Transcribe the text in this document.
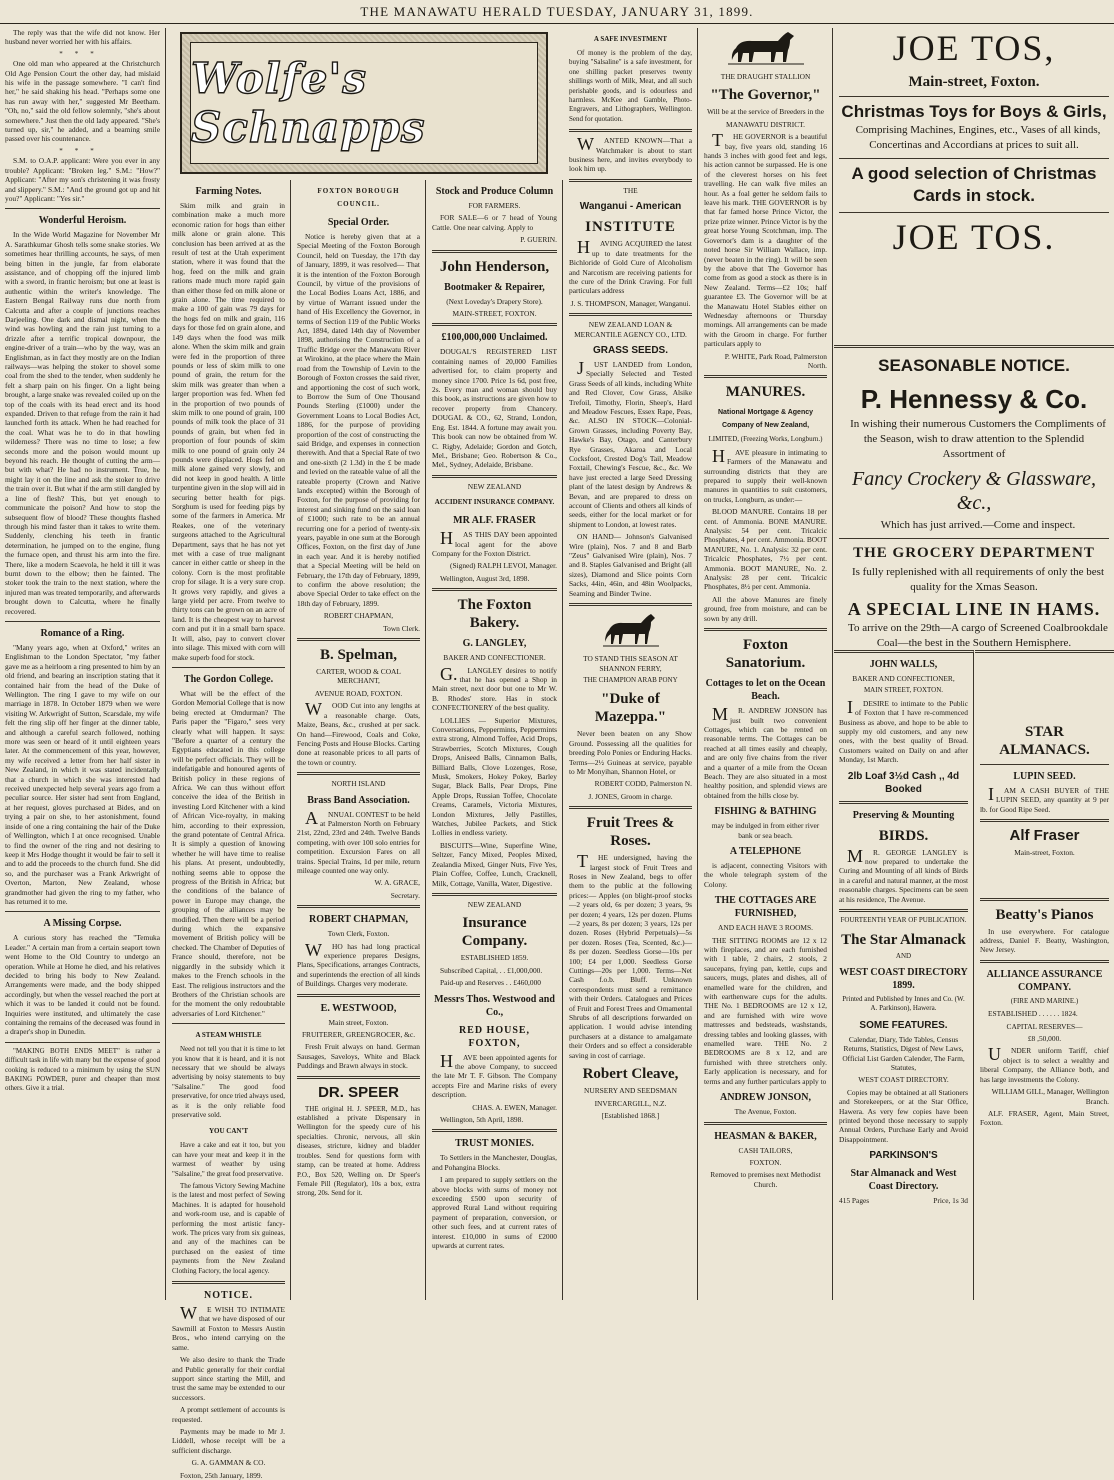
THE MANAWATU HERALD TUESDAY, JANUARY 31, 1899.

The reply was that the wife did not know. Her husband never worried her with his affairs.

***

One old man who appeared at the Christchurch Old Age Pension Court the other day, had mislaid his wife in the passage somewhere. "I can't find her," he said shaking his head. "Perhaps some one has run away with her," suggested Mr Beetham. "Oh, no," said the old fellow solemnly, "she's about somewhere." Just then the old lady appeared. "She's turned up, sir," he added, and a beaming smile passed over his countenance.

***

S.M. to O.A.P. applicant: Were you ever in any trouble? Applicant: "Broken leg." S.M.: "How?" Applicant: "After my son's christening it was frosty and slippery." S.M.: "And the ground got up and hit you?" Applicant: "Yes sir."

Wonderful Heroism.

In the Wide World Magazine for November Mr A. Sarathkumar Ghosh tells some snake stories. We sometimes hear thrilling accounts, he says, of men being bitten in the jungle, far from elaborate assistance, and of chopping off the injured limb with a sword, in frantic heroism; but one at least is authentic within the writer's knowledge. The Eastern Bengal Railway runs due north from Calcutta and after a couple of junctions reaches Darjeeling. One dark and dismal night, when the wind was howling and the rain just turning to a drizzle after a terrific tropical downpour, the engine-driver of a train—who by the way, was an Englishman, as in fact they mostly are on the Indian railways—was helping the stoker to shovel some coal from the shed to the tender, when suddenly he felt a sharp pain on his finger. On a light being brought, a large snake was revealed coiled up on the top of the coals with its head erect and its hood expanded. Driven to that refuge from the rain it had launched forth its attack. When he had reached for the coal. What was he to do in that howling wilderness? There was no time to lose; a few seconds more and the poison would mount up beyond his reach. He thought of cutting the arm—but with what? He had no instrument. True, he might lay it on the line and ask the stoker to drive the train over it. But what if the arm still dangled by a line of flesh? This, but yet enough to communicate the poison? And how to stop the subsequent flow of blood? These thoughts flashed through his mind faster than it takes to write them. Suddenly, clenching his teeth in frantic determination, he jumped on to the engine, flung the furnace open, and thrust his arm into the fire. There, like a modern Scaevola, he held it till it was burnt down to the elbow; then he fainted. The stoker took the train to the next station, where the injured man was treated temporarily, and afterwards brought down to Calcutta, where he finally recovered.

Romance of a Ring.

"Many years ago, when at Oxford," writes an Englishman to the London Spectator, "my father gave me as a heirloom a ring presented to him by an old friend, and bearing an inscription stating that it contained hair from the head of the Duke of Wellington. The ring I gave to my wife on our marriage in 1878. In October 1879 when we were visiting W. Arkwright of Sutton, Scarsdale, my wife felt the ring slip off her finger at the dinner table, and although a careful search followed, nothing more was seen or heard of it until eighteen years later. At the commencement of this year, however, my wife received a letter from her half sister in New Zealand, in which it was stated incidentally that a church in which she was interested had received unexpected help several years ago from a peculiar source. Her sister had sent from England, at her request, gloves purchased at Bides, and on trying a pair on she, to her astonishment, found inside of one a ring containing the hair of the Duke of Wellington, which I at once recognised. Unable to find the owner of the ring and not desiring to keep it Mrs Hodge thought it would be fair to sell it and to add the proceeds to the church fund. She did so, and the purchaser was a Frank Arkwright of Overton, Marton, New Zealand, whose grandmother had given the ring to my father, who has returned it to me.

A Missing Corpse.

A curious story has reached the "Temuka Leader." A certain man from a certain seaport town went Home to the Old Country to undergo an operation. While at Home he died, and his relatives decided to bring his body to New Zealand. Arrangements were made, and the body shipped accordingly, but when the vessel reached the port at which it was to be landed it could not be found. Inquiries were instituted, and ultimately the case containing the remains of the deceased was found in a draper's shop in Dunedin.

"MAKING BOTH ENDS MEET" is rather a difficult task in life with many but the expense of good cooking is reduced to a minimum by using the SUN BAKING POWDER, purer and cheaper than most others. Give it a trial.

Wolfe's Schnapps
Farming Notes.

Skim milk and grain in combination make a much more economic ration for hogs than either milk alone or grain alone. This conclusion has been arrived at as the result of test at the Utah experiment station, where it was found that the hog, feed on the milk and grain rations made much more rapid gain than either those fed on milk alone or grain alone. The time required to make a 100 of gain was 79 days for the hogs fed on milk and grain, 116 days for those fed on grain alone, and 149 days when the food was milk alone. When the skim milk and grain were fed in the proportion of three pounds or less of skim milk to one pound of grain, the return for the skim milk was greater than when a larger proportion was fed. When fed in the proportion of two pounds of skim milk to one pound of grain, 100 pounds of milk took the place of 31 pounds of grain, but when fed in proportion of four pounds of skim milk to one pound of grain only 24 pounds were displaced. Hogs fed on milk alone gained very slowly, and did not keep in good health. A little turpentine given in the slop will aid in securing better health for pigs. Sorghum is used for feeding pigs by some of the farmers in America. Mr Reakes, one of the veterinary surgeons attached to the Agricultural Department, says that he has not yet met with a case of true malignant cancer in either cattle or sheep in the colony. Corn is the most profitable crop for silage. It is a very sure crop. It grows very rapidly, and gives a large yield per acre. From twelve to thirty tons can be grown on an acre of land. It is the cheapest way to harvest corn and put it in a small barn space. It will, also, pay to convert clover into silage. This mixed with corn will make superb food for stock.

The Gordon College.

What will be the effect of the Gordon Memorial College that is now being erected at Omdurman? The Paris paper the "Figaro," sees very clearly what will happen. It says: "Before a quarter of a century the Egyptians educated in this college will be perfect officials. They will be indefatigable and honoured agents of British policy in these regions of Africa. We can thus without effort conceive the idea of the British in investing Lord Kitchener with a kind of African Vice-royalty, in making him, according to their expression, the grand potentate of Central Africa. It is simply a question of knowing whether he will have time to realise his plans. At present, undoubtedly, nothing seems able to oppose the progress of the British in Africa; but the conditions of the balance of power in Europe may change, the grouping of the alliances may be modified. Then there will be a period during which the expansive movement of British policy will be checked. The Chamber of Deputies of France should, therefore, not be niggardly in the subsidy which it makes to the French schools in the East. The religious instructors and the Brothers of the Christian schools are for the moment the only redoubtable adversaries of Lord Kitchener."

A STEAM WHISTLE

Need not tell you that it is time to let you know that it is heard, and it is not necessary that we should be always advertising by noisy statements to buy "Salsaline." The good food preservative, for once tried always used, as it is the only reliable food preservative sold.

YOU CAN'T

Have a cake and eat it too, but you can have your meat and keep it in the warmest of weather by using "Salsaline," the great food preservative.

The famous Victory Sewing Machine is the latest and most perfect of Sewing Machines. It is adapted for household and work-room use, and is capable of performing the most artistic fancy-work. The prices vary from six guineas, and any of the machines can be purchased on the easiest of time payments from the New Zealand Clothing Factory, the local agency.

NOTICE.

WE WISH TO INTIMATE that we have disposed of our Sawmill at Foxton to Messrs Austin Bros., who intend carrying on the same.

We also desire to thank the Trade and Public generally for their cordial support since starting the Mill, and trust the same may be extended to our successors.

A prompt settlement of accounts is requested.

Payments may be made to Mr J. Liddell, whose receipt will be a sufficient discharge.

G. A. GAMMAN & CO.

Foxton, 25th January, 1899.

FOXTON BOROUGH COUNCIL.
Special Order.

Notice is hereby given that at a Special Meeting of the Foxton Borough Council, held on Tuesday, the 17th day of January, 1899, it was resolved— That it is the intention of the Foxton Borough Council, by virtue of the provisions of the Local Bodies Loans Act, 1886, and by virtue of Warrant issued under the hand of His Excellency the Governor, in terms of Section 119 of the Public Works Act, 1894, dated 14th day of November 1898, authorising the Construction of a Traffic Bridge over the Manawatu River at Wirokino, at the place where the Main road from the Township of Levin to the Borough of Foxton crosses the said river, and apportioning the cost of such work, to Borrow the Sum of One Thousand Pounds Sterling (£1000) under the Government Loans to Local Bodies Act, 1886, for the purpose of providing proportion of the cost of constructing the said Bridge, and expenses in connection therewith. And that a Special Rate of two and one-sixth (2 1.3d) in the £ be made and levied on the rateable value of all the rateable property (Crown and Native lands excepted) within the Borough of Foxton, for the purpose of providing for interest and sinking fund on the said loan of £1000; such rate to be an annual recurring one for a period of twenty-six years, payable in one sum at the Borough Offices, Foxton, on the first day of June in each year. And it is hereby notified that a Special Meeting will be held on February, the 17th day of February, 1899, to confirm the above resolution; the above Special Order to take effect on the 18th day of February, 1899.

ROBERT CHAPMAN,

Town Clerk.

B. Spelman,

CARTER, WOOD & COAL MERCHANT,

AVENUE ROAD, FOXTON.

WOOD Cut into any lengths at a reasonable charge. Oats, Maize, Beans, &c., crushed at per sack. On hand—Firewood, Coals and Coke, Fencing Posts and House Blocks. Carting done at reasonable prices to all parts of the town or country.

NORTH ISLAND

Brass Band Association.

ANNUAL CONTEST to be held at Palmerston North on February 21st, 22nd, 23rd and 24th. Twelve Bands competing, with over 100 solo entries for competition. Excursion Fares on all trains. Special Trains, 1d per mile, return mileage counted one way only.

W. A. GRACE,

Secretary.

ROBERT CHAPMAN,

Town Clerk, Foxton.

WHO has had long practical experience prepares Designs, Plans, Specifications, arranges Contracts, and superintends the erection of all kinds of Buildings. Charges very moderate.

E. WESTWOOD,

Main street, Foxton.

FRUITERER, GREENGROCER, &c.

Fresh Fruit always on hand. German Sausages, Saveloys, White and Black Puddings and Brawn always in stock.

DR. SPEER

THE original H. J. SPEER, M.D., has established a private Dispensary in Wellington for the speedy cure of his specialties. Chronic, nervous, all skin diseases, stricture, kidney and bladder troubles. Send for questions form with stamp, can be treated at home. Address P.O., Box 520, Welling on. Dr Speer's Female Pill (Regulator), 10s a box, extra strong, 20s. Send for it.

Stock and Produce Column

FOR FARMERS.

FOR SALE—6 or 7 head of Young Cattle. One near calving. Apply to

P. GUERIN.

John Henderson,
Bootmaker & Repairer,

(Next Loveday's Drapery Store).

MAIN-STREET, FOXTON.

£100,000,000 Unclaimed.

DOUGAL'S REGISTERED LIST containing names of 20,000 Families advertised for, to claim property and money since 1700. Price 1s 6d, post free, 2s. Every man and woman should buy this book, as instructions are given how to recover property from Chancery. DOUGAL & CO., 62, Strand, London, Eng. Est. 1844. A fortune may await you. This book can now be obtained from W. C. Rigby, Adelaide; Gordon and Gotch, Mel., Brisbane; Geo. Robertson & Co., Mel., Sydney, Adelaide, Brisbane.

NEW ZEALAND

ACCIDENT INSURANCE COMPANY.
MR ALF. FRASER

HAS THIS DAY been appointed local agent for the above Company for the Foxton District.

(Signed) RALPH LEVOI, Manager.

Wellington, August 3rd, 1898.

The Foxton Bakery.
G. LANGLEY,

BAKER AND CONFECTIONER.

G.LANGLEY desires to notify that he has opened a Shop in Main street, next door but one to Mr W. B. Rhodes' store. Has in stock CONFECTIONERY of the best quality.

LOLLIES — Superior Mixtures, Conversations, Peppermints, Peppermints extra strong, Almond Toffee, Acid Drops, Strawberries, Scotch Mixtures, Cough Drops, Aniseed Balls, Cinnamon Balls, Billiard Balls, Clove Lozenges, Rose, Musk, Smokers, Hokey Pokey, Barley Sugar, Black Balls, Pear Drops, Pine Apple Drops, Russian Toffee, Chocolate Creams, Caramels, Victoria Mixtures, London Mixtures, Jelly Pastilles, Watches, Jubilee Packets, and Stick Lollies in endless variety.

BISCUITS—Wine, Superfine Wine, Seltzer, Fancy Mixed, Peoples Mixed, Zealandia Mixed, Ginger Nuts, Five Yes, Plain Coffee, Coffee, Lunch, Cracknell, Milk, Cottage, Vanilla, Water, Digestive.

NEW ZEALAND

Insurance Company.

ESTABLISHED 1859.

Subscribed Capital, . . £1,000,000.

Paid-up and Reserves . . £460,000

Messrs Thos. Westwood and Co.,
RED HOUSE, FOXTON,

HAVE been appointed agents for the above Company, to succeed the late Mr T. F. Gibson. The Company accepts Fire and Marine risks of every description.

CHAS. A. EWEN, Manager.

Wellington, 5th April, 1898.

TRUST MONIES.

To Settlers in the Manchester, Douglas, and Pohangina Blocks.

I am prepared to supply settlers on the above blocks with sums of money not exceeding £500 upon security of approved Rural Land without requiring payment of preparation, conversion, or other such fees, and at current rates of interest. £10,000 in sums of £2000 upwards at current rates.

A SAFE INVESTMENT

Of money is the problem of the day, buying "Salsaline" is a safe investment, for one shilling packet preserves twenty shillings worth of Milk, Meat, and all such perishable goods, and is odourless and harmless. McKee and Gamble, Photo-Engravers, and Lithographers, Wellington. Send for quotation.

WANTED KNOWN—That a Watchmaker is about to start business here, and invites everybody to look him up.

THE

Wanganui - American
INSTITUTE

HAVING ACQUIRED the latest up to date treatments for the Bichloride of Gold Cure of Alcoholism and Narcotism are receiving patients for the cure of the Drink Craving. For full particulars address

J. S. THOMPSON, Manager, Wanganui.

NEW ZEALAND LOAN & MERCANTILE AGENCY CO., LTD.

GRASS SEEDS.

JUST LANDED from London, Specially Selected and Tested Grass Seeds of all kinds, including White and Red Clover, Cow Grass, Alsike Trefoil, Timothy, Florin, Sheep's, Hard and Meadow Fescues, Essex Rape, Peas, &c. ALSO IN STOCK—Colonial-Grown Grasses, including Poverty Bay, Hawke's Bay, Otago, and Canterbury Rye Grasses, Akaroa and Local Cocksfoot, Crested Dog's Tail, Meadow Foxtail, Chewing's Fescue, &c., &c. We have just erected a large Seed Dressing plant of the latest design by Andrews & Bevan, and are prepared to dress on account of Clients and others all kinds of seeds, either for the local market or for shipment to London, at lowest rates.

ON HAND— Johnson's Galvanised Wire (plain), Nos. 7 and 8 and Barb "Zeus" Galvanised Wire (plain), Nos. 7 and 8. Staples Galvanised and Bright (all sizes), Diamond and Slice points Corn Sacks, 44in, 46in, and 48in Woolpacks, Seaming and Binder Twine.

TO STAND THIS SEASON AT SHANNON FERRY,

THE CHAMPION ARAB PONY

"Duke of Mazeppa."

Never been beaten on any Show Ground. Possessing all the qualities for breeding Polo Ponies or Enduring Hacks. Terms—2½ Guineas at service, payable to Mr Monyihan, Shannon Hotel, or

ROBERT CODD, Palmerston N.

J. JONES, Groom in charge.

Fruit Trees & Roses.

THE undersigned, having the largest stock of Fruit Trees and Roses in New Zealand, begs to offer them to the public at the following prices:— Apples (on blight-proof stocks—2 years old, 6s per dozen; 3 years, 9s per dozen; 4 years, 12s per dozen. Plums—2 years, 8s per dozen; 3 years, 12s per dozen. Roses (Hybrid Perpetuals)—5s per dozen. Roses (Tea, Scented, &c.)—8s per dozen. Seedless Gorse—10s per 100; £4 per 1,000. Seedless Gorse Cuttings—20s per 1,000. Terms—Net Cash f.o.b. Bluff. Unknown correspondents must send a remittance with their Orders. Catalogues and Prices of Fruit and Forest Trees and Ornamental Shrubs of all descriptions forwarded on application. I would advise intending purchasers at a distance to amalgamate their Orders and so effect a considerable saving in cost of carriage.

Robert Cleave,

NURSERY AND SEEDSMAN

INVERCARGILL, N.Z.

[Established 1868.]

THE DRAUGHT STALLION

"The Governor,"

Will be at the service of Breeders in the

MANAWATU DISTRICT.

THE GOVERNOR is a beautiful bay, five years old, standing 16 hands 3 inches with good feet and legs, his action cannot be surpassed. He is one of the cleverest horses on his feet travelling. He can walk five miles an hour. As a foal getter he seldom fails to leave his mark. THE GOVERNOR is by that far famed horse Prince Victor, the prize prize winner. Prince Victor is by the great horse Young Scotchman, imp. The Governor's dam is a daughter of the noted horse Sir William Wallace, imp. (never beaten in the ring). It will be seen by the above that The Governor has come from as good a stock as there is in New Zealand. Terms—£2 10s; half guarantee £3. The Governor will be at the Manawatu Hotel Stables either on Wednesday afternoons or Thursday mornings. All arrangements can be made with the Groom in charge. For further particulars apply to

P. WHITE, Park Road, Palmerston North.

MANURES.
National Mortgage & Agency Company of New Zealand,

LIMITED, (Freezing Works, Longburn.)

HAVE pleasure in intimating to Farmers of the Manawatu and surrounding districts that they are prepared to supply their well-known manures in quantities to suit customers, on trucks, Longburn, as under:—

BLOOD MANURE. Contains 18 per cent. of Ammonia. BONE MANURE. Analysis: 54 per cent. Tricalcic Phosphates, 4 per cent. Ammonia. BOOT MANURE, No. 1. Analysis: 32 per cent. Tricalcic Phosphates, 7½ per cent. Ammonia. BOOT MANURE, No. 2. Analysis: 28 per cent. Tricalcic Phosphates, 8½ per cent. Ammonia.

All the above Manures are finely ground, free from moisture, and can be sown by any drill.

Foxton Sanatorium.
Cottages to let on the Ocean Beach.

MR. ANDREW JONSON has just built two convenient Cottages, which can be rented on reasonable terms. The Cottages can be reached at all times easily and cheaply, and are only five chains from the river and a quarter of a mile from the Ocean Beach. They are also situated in a most healthy position, and splendid views are obtained from the hills close by.

FISHING & BATHING

may be indulged in from either river bank or sea beach.

A TELEPHONE

is adjacent, connecting Visitors with the whole telegraph system of the Colony.

THE COTTAGES ARE FURNISHED,

AND EACH HAVE 3 ROOMS.

THE SITTING ROOMS are 12 x 12 with fireplaces, and are each furnished with 1 table, 2 chairs, 2 stools, 2 saucepans, frying pan, kettle, cups and saucers, mugs, plates and dishes, all of enamelled ware for the children, and with earthenware cups for the adults. THE No. 1 BEDROOMS are 12 x 12, and are furnished with wire wove mattresses and bedsteads, washstands, dressing tables and looking glasses, with enamelled ware. THE No. 2 BEDROOMS are 8 x 12, and are furnished with three stretchers only. Early application is necessary, and for terms and any further particulars apply to

ANDREW JONSON,

The Avenue, Foxton.

HEASMAN & BAKER,

CASH TAILORS,

FOXTON.

Removed to premises next Methodist Church.

JOE TOS,
Main-street, Foxton.
Christmas Toys for Boys & Girls,

Comprising Machines, Engines, etc., Vases of all kinds, Concertinas and Accordians at prices to suit all.

A good selection of Christmas Cards in stock.
JOE TOS.
SEASONABLE NOTICE.
P. Hennessy & Co.

In wishing their numerous Customers the Compliments of the Season, wish to draw attention to the Splendid Assortment of

Fancy Crockery & Glassware, &c.,

Which has just arrived.—Come and inspect.

THE GROCERY DEPARTMENT

Is fully replenished with all requirements of only the best quality for the Xmas Season.

A SPECIAL LINE IN HAMS.

To arrive on the 29th—A cargo of Screened Coalbrookdale Coal—the best in the Southern Hemisphere.

JOHN WALLS,

BAKER AND CONFECTIONER,

MAIN STREET, FOXTON.

IDESIRE to intimate to the Public of Foxton that I have re-commenced Business as above, and hope to be able to supply my old customers, and any new ones, with the best quality of Bread. Customers waited on Daily on and after Monday, 1st March.

2lb Loaf 3½d Cash ,, 4d Booked
Preserving & Mounting
BIRDS.

MR. GEORGE LANGLEY is now prepared to undertake the Curing and Mounting of all kinds of Birds in a careful and natural manner, at the most reasonable charges. Specimens can be seen at his residence, The Avenue.

FOURTEENTH YEAR OF PUBLICATION.

The Star Almanack

AND

WEST COAST DIRECTORY 1899.

Printed and Published by Innes and Co. (W. A. Parkinson), Hawera.

SOME FEATURES.

Calendar, Diary, Tide Tables, Census Returns, Statistics, Digest of New Laws, Official List Garden Calender, The Farm, Statutes,

WEST COAST DIRECTORY.

Copies may be obtained at all Stationers and Storekeepers, or at the Star Office, Hawera. As very few copies have been printed beyond those necessary to supply Annual Orders, Purchase Early and Avoid Disappointment.

PARKINSON'S
Star Almanack and West Coast Directory.

415 Pages	Price, 1s 3d

STAR ALMANACS.
LUPIN SEED.

IAM A CASH BUYER of THE LUPIN SEED, any quantity at 9 per lb. for Good Ripe Seed.

Alf Fraser

Main-street, Foxton.

Beatty's Pianos

In use everywhere. For catalogue address, Daniel F. Beatty, Washington, New Jersey.

ALLIANCE ASSURANCE COMPANY.

(FIRE AND MARINE.)

ESTABLISHED . . . . . . 1824.

CAPITAL RESERVES—

£8 ,50,000.

UNDER uniform Tariff, chief object is to select a wealthy and liberal Company, the Alliance both, and has large investments the Colony.

WILLIAM GILL, Manager, Wellington Branch.

ALF. FRASER, Agent, Main Street, Foxton.
